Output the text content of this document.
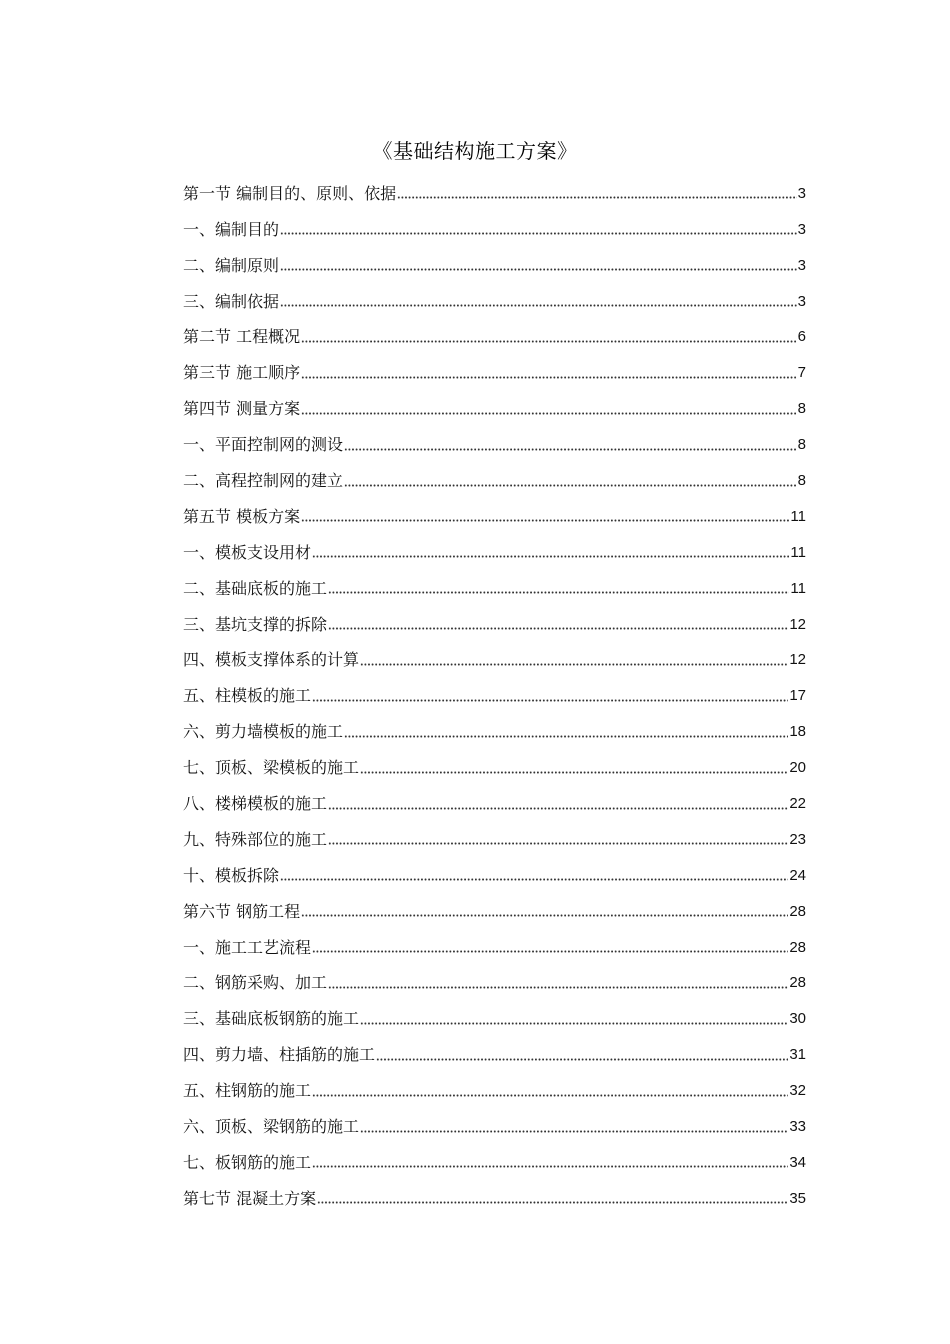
《基础结构施工方案》
第一节 编制目的、原则、依据	3
一、编制目的	3
二、编制原则	3
三、编制依据	3
第二节 工程概况	6
第三节 施工顺序	7
第四节 测量方案	8
一、平面控制网的测设	8
二、高程控制网的建立	8
第五节 模板方案	11
一、模板支设用材	11
二、基础底板的施工	11
三、基坑支撑的拆除	12
四、模板支撑体系的计算	12
五、柱模板的施工	17
六、剪力墙模板的施工	18
七、顶板、梁模板的施工	20
八、楼梯模板的施工	22
九、特殊部位的施工	23
十、模板拆除	24
第六节 钢筋工程	28
一、施工工艺流程	28
二、钢筋采购、加工	28
三、基础底板钢筋的施工	30
四、剪力墙、柱插筋的施工	31
五、柱钢筋的施工	32
六、顶板、梁钢筋的施工	33
七、板钢筋的施工	34
第七节 混凝土方案	35
